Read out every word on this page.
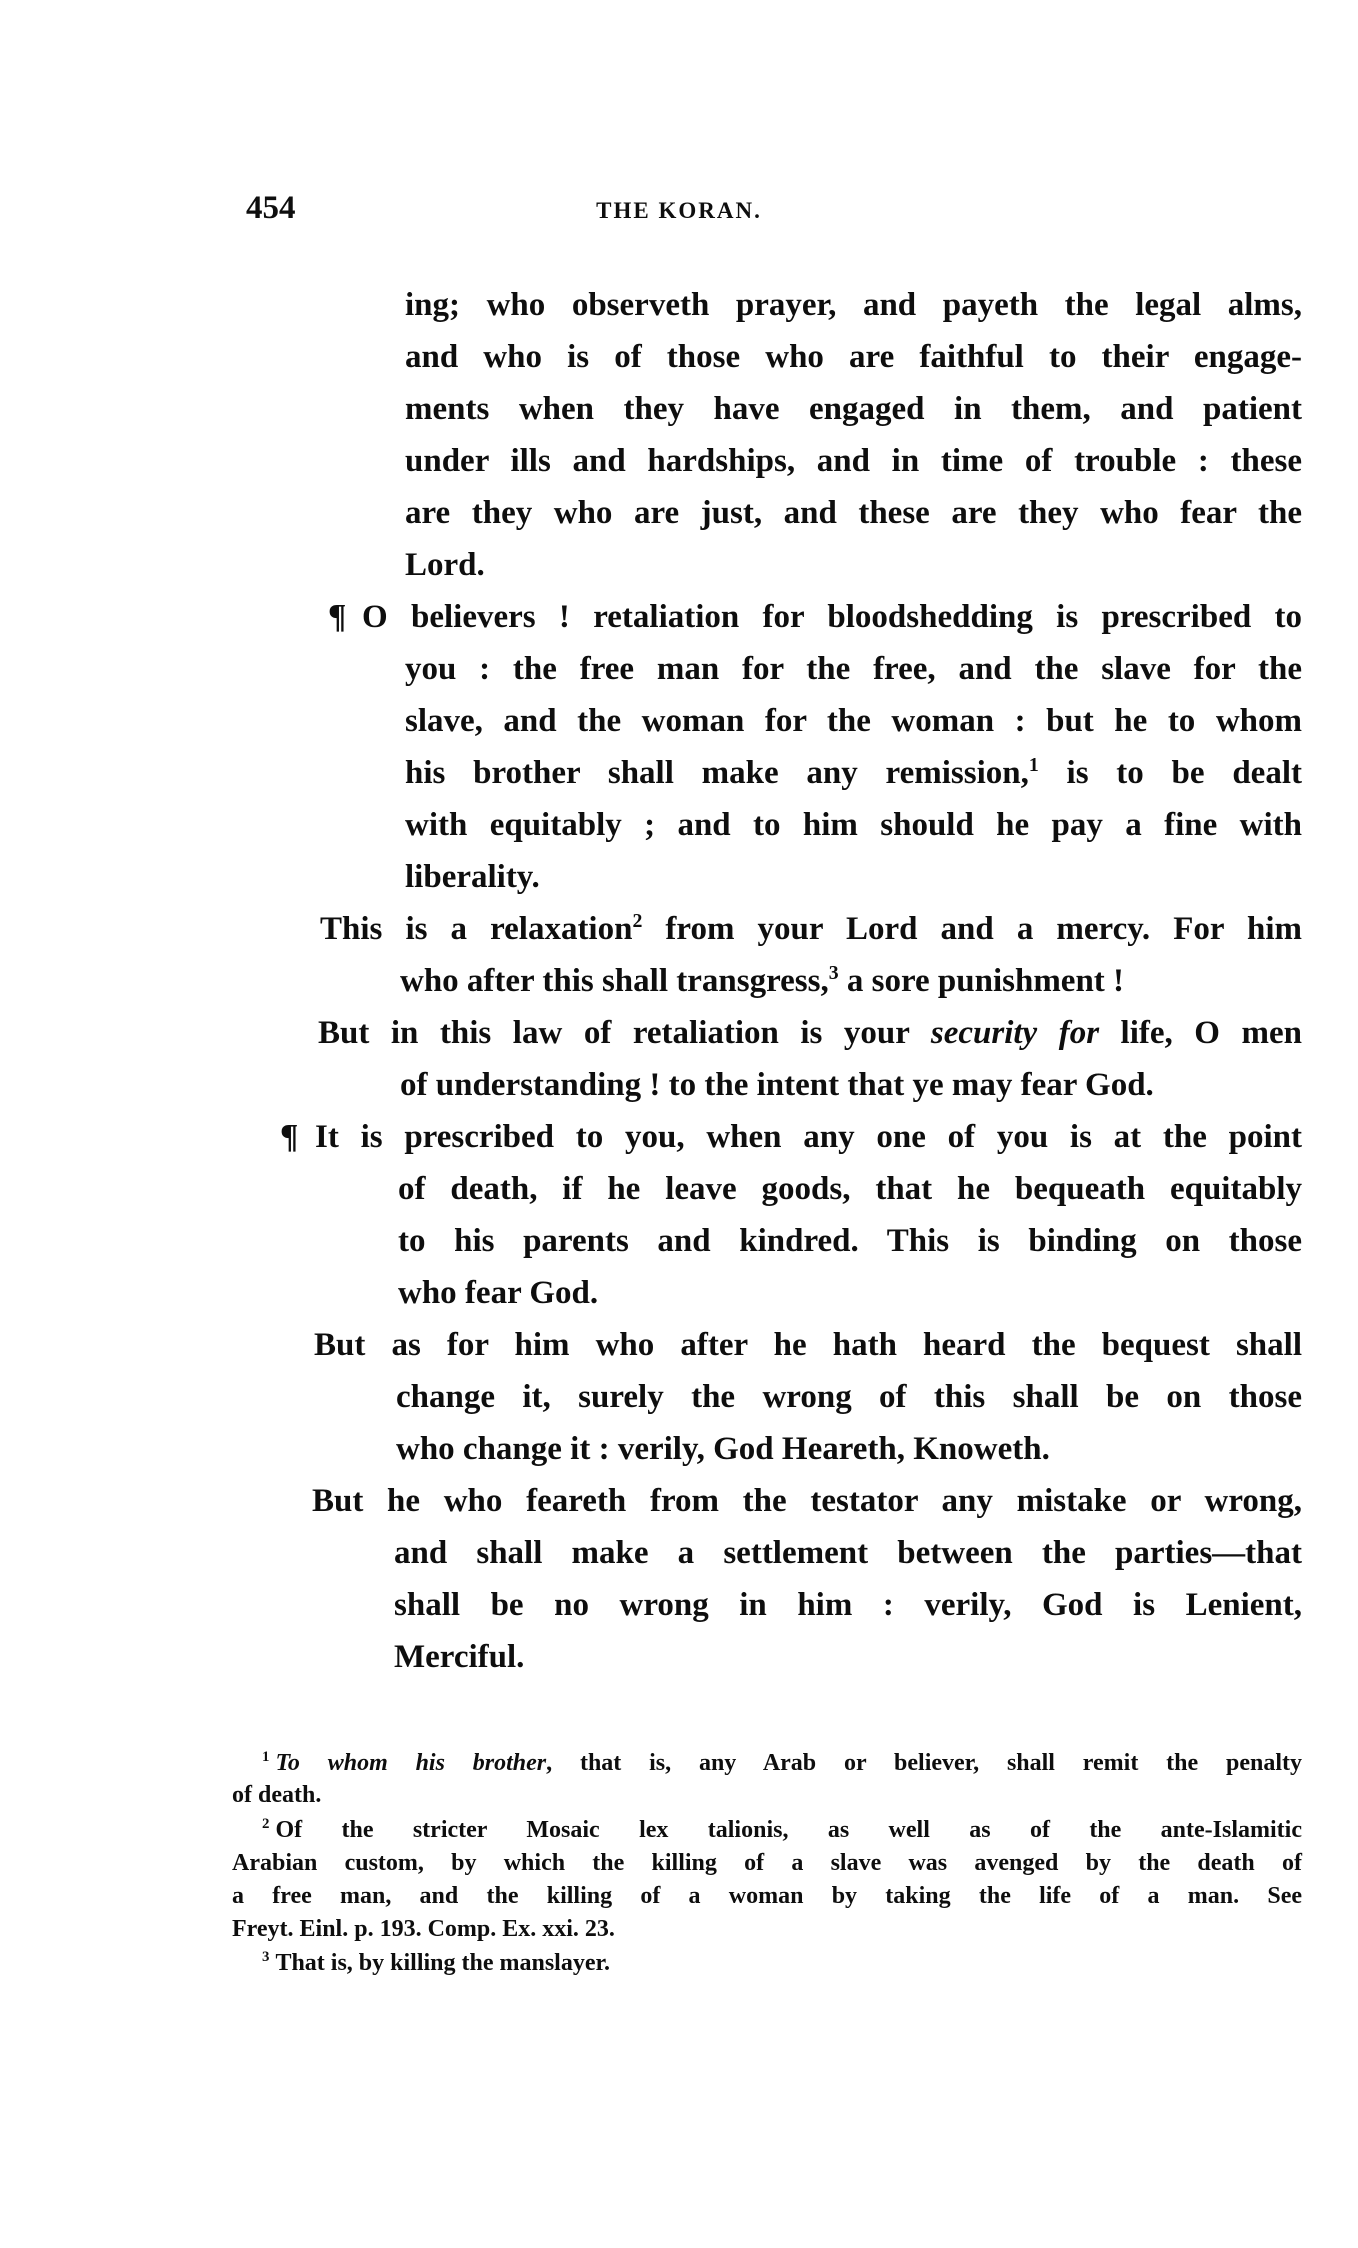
454	THE KORAN.
ing; who observeth prayer, and payeth the legal alms,
and who is of those who are faithful to their engage-
ments when they have engaged in them, and patient
under ills and hardships, and in time of trouble : these
are they who are just, and these are they who fear the
Lord.
¶ O believers ! retaliation for bloodshedding is prescribed to
you : the free man for the free, and the slave for the
slave, and the woman for the woman : but he to whom
his brother shall make any remission,$^1$ is to be dealt
with equitably ; and to him should he pay a fine with
liberality.
This is a relaxation$^2$ from your Lord and a mercy. For him
who after this shall transgress,$^3$ a sore punishment !
But in this law of retaliation is your security for life, O men
of understanding ! to the intent that ye may fear God.
¶ It is prescribed to you, when any one of you is at the point
of death, if he leave goods, that he bequeath equitably
to his parents and kindred. This is binding on those
who fear God.
But as for him who after he hath heard the bequest shall
change it, surely the wrong of this shall be on those
who change it : verily, God Heareth, Knoweth.
But he who feareth from the testator any mistake or wrong,
and shall make a settlement between the parties—that
shall be no wrong in him : verily, God is Lenient,
Merciful.
$^1$ To whom his brother, that is, any Arab or believer, shall remit the penalty
of death.
$^2$ Of the stricter Mosaic lex talionis, as well as of the ante-Islamitic
Arabian custom, by which the killing of a slave was avenged by the death of
a free man, and the killing of a woman by taking the life of a man. See
Freyt. Einl. p. 193. Comp. Ex. xxi. 23.
$^3$ That is, by killing the manslayer.
